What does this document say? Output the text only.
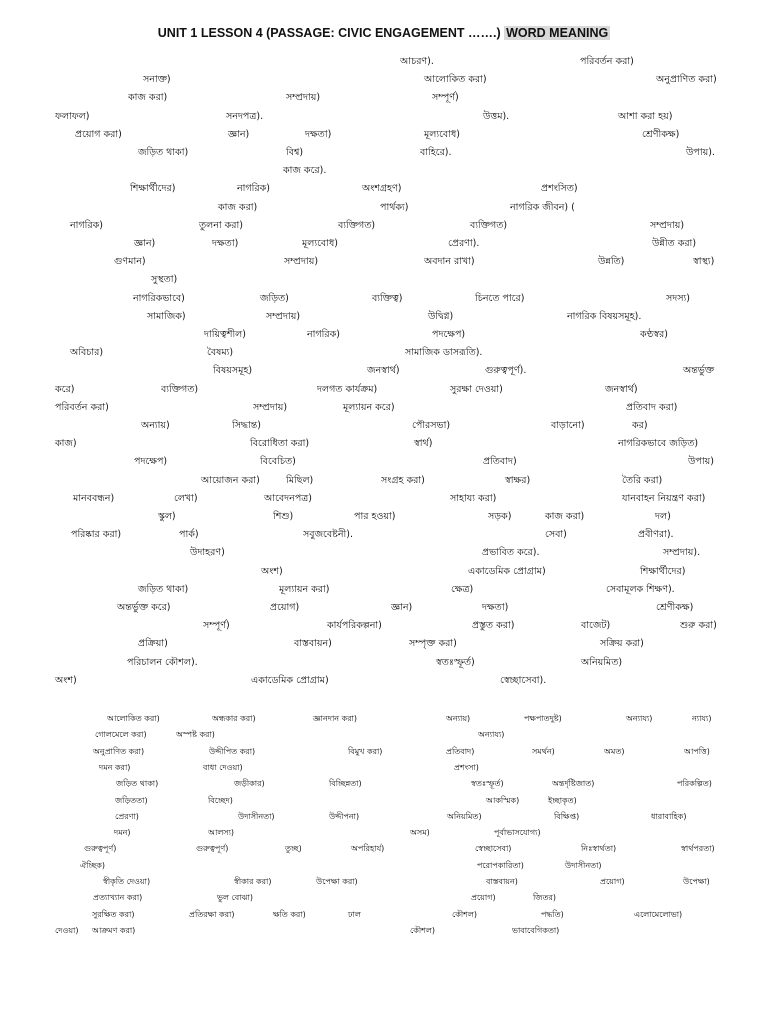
UNIT 1 LESSON 4 (PASSAGE: CIVIC ENGAGEMENT …….) WORD MEANING
আচরণ).	পরিবর্তন করা)
সনাক্ত)	আলোকিত করা)	অনুপ্রাণিত করা)
কাজ করা)	সম্প্রদায়)	সম্পূর্ণ)
ফলাফল)	সনদপত্র).	উত্তম).	আশা করা হয়)
প্রয়োগ করা)	জ্ঞান)	দক্ষতা)	মূল্যবোধ)	শ্রেণীকক্ষ)
জড়িত থাকা)	বিশ্ব)	বাহিরে).	উপায়).
কাজ করে).
শিক্ষার্থীদের)	নাগরিক)	অংশগ্রহণ)	প্রশংসিত)
কাজ করা)	পার্থক্য)	নাগরিক জীবন) (
নাগরিক)	তুলনা করা)	ব্যক্তিগত)	ব্যক্তিগত)	সম্প্রদায়)
জ্ঞান)	দক্ষতা)	মূল্যবোধ)	প্রেরণা).	উন্নীত করা)
গুণমান)	সম্প্রদায়)	অবদান রাখা)	উন্নতি)	স্বাস্থ্য)
সুস্থতা)
নাগরিকভাবে)	জড়িত)	ব্যক্তিত্ব)	চিনতে পারে)	সদস্য)
সামাজিক)	সম্প্রদায়)	উদ্বিগ্ন)	নাগরিক বিষয়সমূহ).
দায়িত্বশীল)	নাগরিক)	পদক্ষেপ)	কণ্ঠস্বর)
অবিচার)	বৈষম্য)	সামাজিক ডাসরূতি).
বিষয়সমূহ)	জনস্বার্থ)	গুরুত্বপূর্ণ).	অন্তর্ভুক্ত
করে)	ব্যক্তিগত)	দলগত কার্যক্রম)	সুরক্ষা দেওয়া)	জনস্বার্থ)
পরিবর্তন করা)	সম্প্রদায়)	মূল্যায়ন করে)	প্রতিবাদ করা)
অন্যায়)	সিদ্ধান্ত)	পৌরসভা)	বাড়ানো)	কর)
কাজ)	বিরোধিতা করা)	স্বার্থ)	নাগরিকভাবে জড়িত)
পদক্ষেপ)	বিবেচিত)	প্রতিবাদ)	উপায়)
আয়োজন করা)	মিছিল)	সংগ্রহ করা)	স্বাক্ষর)	তৈরি করা)
মানববন্ধন)	লেখা)	আবেদনপত্র)	সাহায্য করা)	যানবাহন নিয়ন্ত্রণ করা)
স্কুল)	শিশু)	পার হওয়া)	সড়ক)	কাজ করা)	দল)
পরিষ্কার করা)	পার্ক)	সবুজবেষ্টনী).	সেবা)	প্রবীণরা).
উদাহরণ)	প্রভাবিত করে).	সম্প্রদায়).
অংশ)	একাডেমিক প্রোগ্রাম)	শিক্ষার্থীদের)
জড়িত থাকা)	মূল্যায়ন করা)	ক্ষেত্র)	সেবামূলক শিক্ষণ).
অন্তর্ভুক্ত করে)	প্রয়োগ)	জ্ঞান)	দক্ষতা)	শ্রেণীকক্ষ)
সম্পূর্ণ)	কার্যপরিকল্পনা)	প্রস্তুত করা)	বাজেট)	শুরু করা)
প্রক্রিয়া)	বাস্তবায়ন)	সম্পৃক্ত করা)	সক্রিয় করা)
পরিচালন কৌশল).	স্বতঃস্ফূর্ত)	অনিয়মিত)
অংশ)	একাডেমিক প্রোগ্রাম)	স্বেচ্ছাসেবা).
আলোকিত করা)	অন্ধকার করা)	জ্ঞানদান করা)	অন্যায়)	পক্ষপাতদুষ্ট)	অন্যায্য)	ন্যায্য)
গোলমেলে করা)	অস্পষ্ট করা)	অন্যায্য)
অনুপ্রাণিত করা)	উদ্দীপিত করা)	বিমুখ করা)	প্রতিবাদ)	সমর্থন)	অমত)	আপত্তি)
দমন করা)	বাধা দেওয়া)	প্রশংসা)
জড়িত থাকা)	জড়ীকার)	বিচ্ছিন্নতা)	স্বতঃস্ফূর্ত)	অন্তর্দৃষ্টিজাত)	পরিকল্পিত)
জড়িততা)	বিচ্ছেদ)	আকস্মিক)	ইচ্ছাকৃত)
প্রেরণা)	উদাসীনতা)	উদ্দীপনা)	অনিয়মিত)	বিক্ষিপ্ত)	ধারাবাহিক)
দমন)	আলস্য)	অসম)	পূর্বাভাসযোগ্য)
গুরুত্বপূর্ণ)	গুরুত্বপূর্ণ)	তুচ্ছ)	অপরিহার্য)	স্বেচ্ছাসেবা)	নিঃস্বার্থতা)	স্বার্থপরতা)
ঐচ্ছিক)	পরোপকারিতা)	উদাসীনতা)
স্বীকৃতি দেওয়া)	স্বীকার করা)	উপেক্ষা করা)	বাস্তবায়ন)	প্রয়োগ)	উপেক্ষা)
প্রত্যাখ্যান করা)	ভুল বোঝা)	প্রয়োগ)	জিতর)
সুরক্ষিত করা)	প্রতিরক্ষা করা)	ক্ষতি করা)	ঢাল	কৌশল)	পদ্ধতি)	এলোমেলোভা)
দেওয়া) আক্রমণ করা)	কৌশল)	ভাবাবেগিকতা)
